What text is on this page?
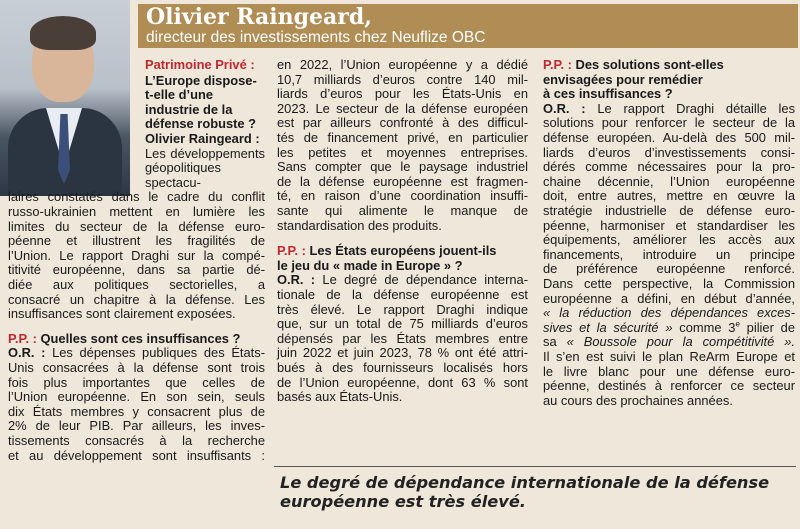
Olivier Raingeard,
directeur des investissements chez Neuflize OBC
Patrimoine Privé :
L’Europe dispose-
t-elle d’une
industrie de la
défense robuste ?
Olivier Raingeard :
Les développements
géopolitiques
spectacu-
laires constatés dans le cadre du conflit
russo-ukrainien mettent en lumière les
limites du secteur de la défense euro-
péenne et illustrent les fragilités de
l’Union. Le rapport Draghi sur la compé-
titivité européenne, dans sa partie dé-
diée aux politiques sectorielles, a
consacré un chapitre à la défense. Les
insuffisances sont clairement exposées.
P.P. : Quelles sont ces insuffisances ?
O.R. : Les dépenses publiques des États-
Unis consacrées à la défense sont trois
fois plus importantes que celles de
l’Union européenne. En son sein, seuls
dix États membres y consacrent plus de
2% de leur PIB. Par ailleurs, les inves-
tissements consacrés à la recherche
et au développement sont insuffisants :
en 2022, l’Union européenne y a dédié
10,7 milliards d’euros contre 140 mil-
liards d’euros pour les États-Unis en
2023. Le secteur de la défense européen
est par ailleurs confronté à des difficul-
tés de financement privé, en particulier
les petites et moyennes entreprises.
Sans compter que le paysage industriel
de la défense européenne est fragmen-
té, en raison d’une coordination insuffi-
sante qui alimente le manque de
standardisation des produits.
P.P. : Les États européens jouent-ils
le jeu du « made in Europe » ?
O.R. : Le degré de dépendance interna-
tionale de la défense européenne est
très élevé. Le rapport Draghi indique
que, sur un total de 75 milliards d’euros
dépensés par les États membres entre
juin 2022 et juin 2023, 78 % ont été attri-
bués à des fournisseurs localisés hors
de l’Union européenne, dont 63 % sont
basés aux États-Unis.
P.P. : Des solutions sont-elles
envisagées pour remédier
à ces insuffisances ?
O.R. : Le rapport Draghi détaille les
solutions pour renforcer le secteur de la
défense européen. Au-delà des 500 mil-
liards d’euros d’investissements consi-
dérés comme nécessaires pour la pro-
chaine décennie, l’Union européenne
doit, entre autres, mettre en œuvre la
stratégie industrielle de défense euro-
péenne, harmoniser et standardiser les
équipements, améliorer les accès aux
financements, introduire un principe
de préférence européenne renforcé.
Dans cette perspective, la Commission
européenne a défini, en début d’année,
« la réduction des dépendances exces-
sives et la sécurité » comme 3e pilier de
sa « Boussole pour la compétitivité ».
Il s’en est suivi le plan ReArm Europe et
le livre blanc pour une défense euro-
péenne, destinés à renforcer ce secteur
au cours des prochaines années.
Le degré de dépendance internationale de la défense
européenne est très élevé.
